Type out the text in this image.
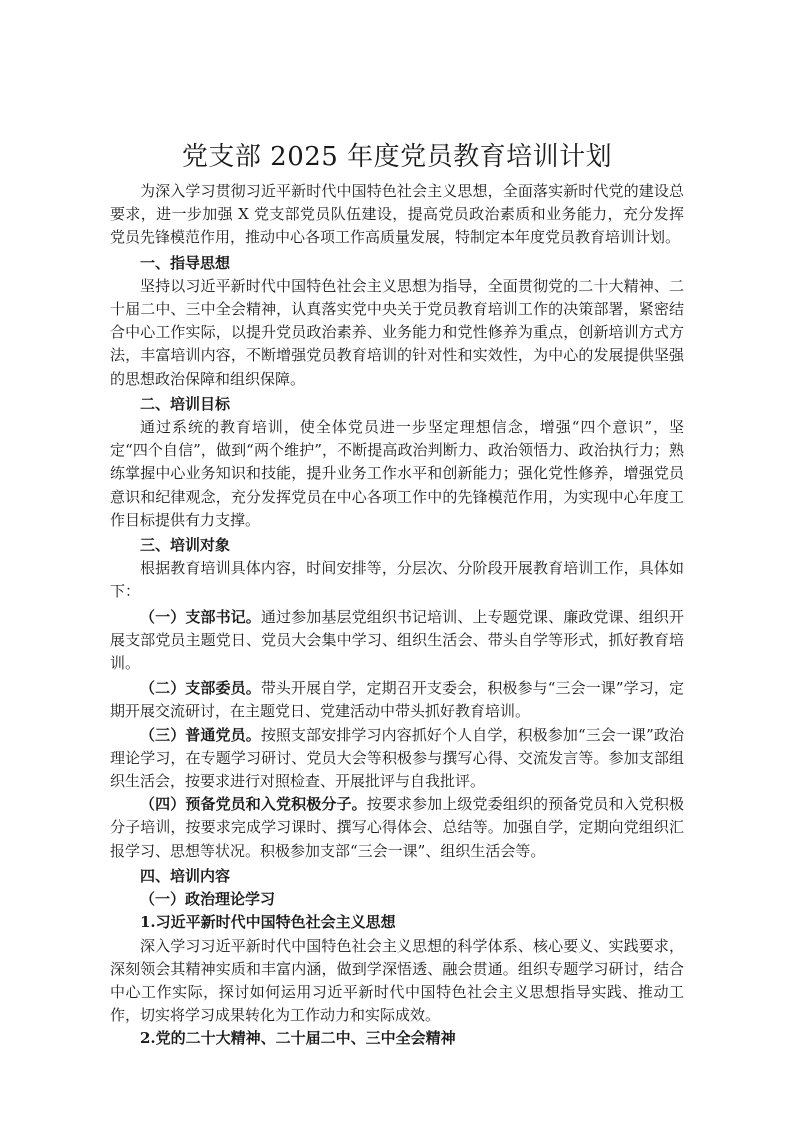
党支部 2025 年度党员教育培训计划

为深入学习贯彻习近平新时代中国特色社会主义思想，全面落实新时代党的建设总要求，进一步加强 X 党支部党员队伍建设，提高党员政治素质和业务能力，充分发挥党员先锋模范作用，推动中心各项工作高质量发展，特制定本年度党员教育培训计划。

一、指导思想

坚持以习近平新时代中国特色社会主义思想为指导，全面贯彻党的二十大精神、二十届二中、三中全会精神，认真落实党中央关于党员教育培训工作的决策部署，紧密结合中心工作实际，以提升党员政治素养、业务能力和党性修养为重点，创新培训方式方法，丰富培训内容，不断增强党员教育培训的针对性和实效性，为中心的发展提供坚强的思想政治保障和组织保障。

二、培训目标

通过系统的教育培训，使全体党员进一步坚定理想信念，增强“四个意识”，坚定“四个自信”，做到“两个维护”，不断提高政治判断力、政治领悟力、政治执行力；熟练掌握中心业务知识和技能，提升业务工作水平和创新能力；强化党性修养，增强党员意识和纪律观念，充分发挥党员在中心各项工作中的先锋模范作用，为实现中心年度工作目标提供有力支撑。

三、培训对象

根据教育培训具体内容，时间安排等，分层次、分阶段开展教育培训工作，具体如下：

（一）支部书记。通过参加基层党组织书记培训、上专题党课、廉政党课、组织开展支部党员主题党日、党员大会集中学习、组织生活会、带头自学等形式，抓好教育培训。

（二）支部委员。带头开展自学，定期召开支委会，积极参与“三会一课”学习，定期开展交流研讨，在主题党日、党建活动中带头抓好教育培训。

（三）普通党员。按照支部安排学习内容抓好个人自学，积极参加“三会一课”政治理论学习，在专题学习研讨、党员大会等积极参与撰写心得、交流发言等。参加支部组织生活会，按要求进行对照检查、开展批评与自我批评。

（四）预备党员和入党积极分子。按要求参加上级党委组织的预备党员和入党积极分子培训，按要求完成学习课时、撰写心得体会、总结等。加强自学，定期向党组织汇报学习、思想等状况。积极参加支部“三会一课”、组织生活会等。

四、培训内容
（一）政治理论学习
1.习近平新时代中国特色社会主义思想

深入学习习近平新时代中国特色社会主义思想的科学体系、核心要义、实践要求，深刻领会其精神实质和丰富内涵，做到学深悟透、融会贯通。组织专题学习研讨，结合中心工作实际，探讨如何运用习近平新时代中国特色社会主义思想指导实践、推动工作，切实将学习成果转化为工作动力和实际成效。

2.党的二十大精神、二十届二中、三中全会精神
